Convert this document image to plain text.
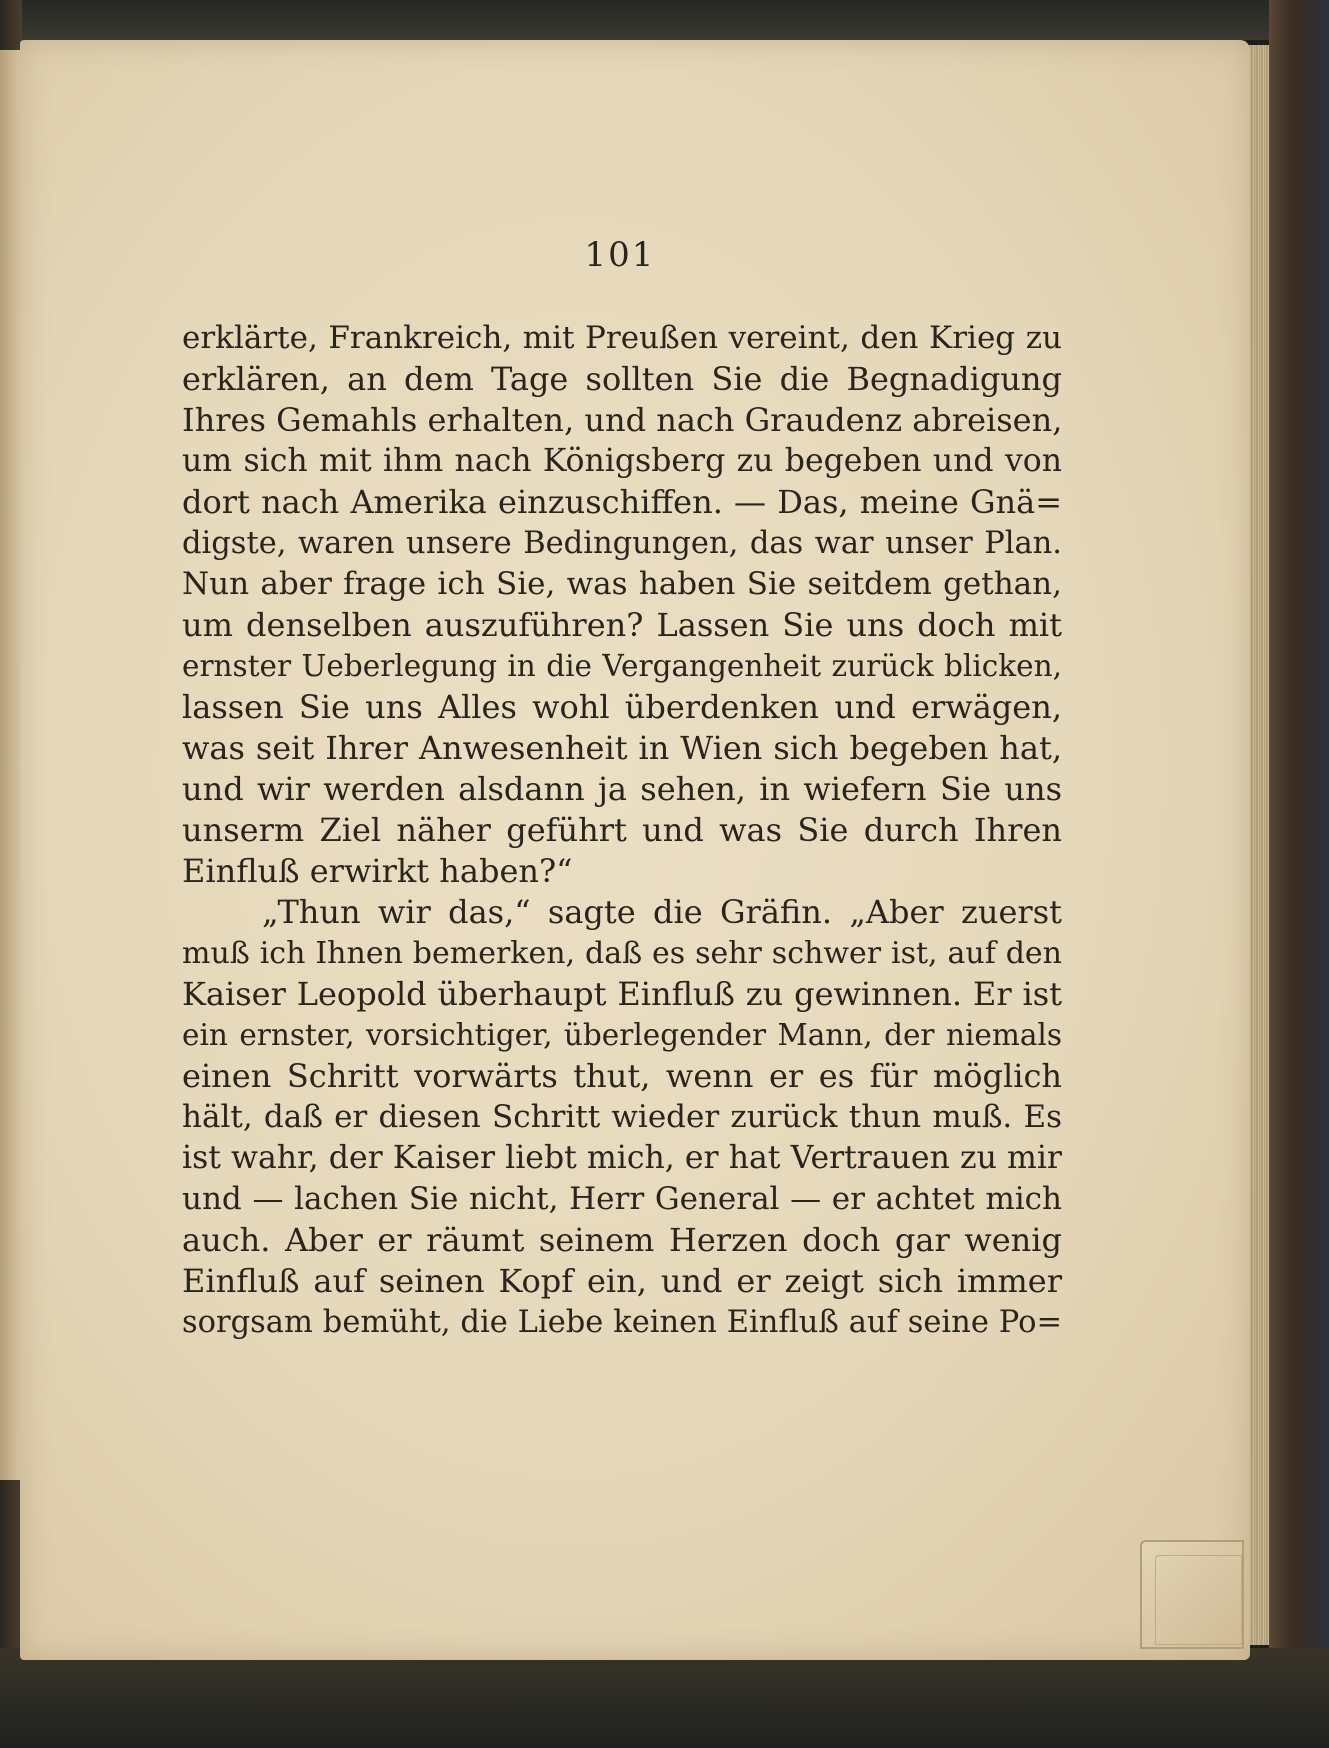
101

erklärte, Frankreich, mit Preußen vereint, den Krieg zu
erklären, an dem Tage sollten Sie die Begnadigung
Ihres Gemahls erhalten, und nach Graudenz abreisen,
um sich mit ihm nach Königsberg zu begeben und von
dort nach Amerika einzuschiffen. — Das, meine Gnä=
digste, waren unsere Bedingungen, das war unser Plan.
Nun aber frage ich Sie, was haben Sie seitdem gethan,
um denselben auszuführen? Lassen Sie uns doch mit
ernster Ueberlegung in die Vergangenheit zurück blicken,
lassen Sie uns Alles wohl überdenken und erwägen,
was seit Ihrer Anwesenheit in Wien sich begeben hat,
und wir werden alsdann ja sehen, in wiefern Sie uns
unserm Ziel näher geführt und was Sie durch Ihren
Einfluß erwirkt haben?“
„Thun wir das,“ sagte die Gräfin. „Aber zuerst
muß ich Ihnen bemerken, daß es sehr schwer ist, auf den
Kaiser Leopold überhaupt Einfluß zu gewinnen. Er ist
ein ernster, vorsichtiger, überlegender Mann, der niemals
einen Schritt vorwärts thut, wenn er es für möglich
hält, daß er diesen Schritt wieder zurück thun muß. Es
ist wahr, der Kaiser liebt mich, er hat Vertrauen zu mir
und — lachen Sie nicht, Herr General — er achtet mich
auch. Aber er räumt seinem Herzen doch gar wenig
Einfluß auf seinen Kopf ein, und er zeigt sich immer
sorgsam bemüht, die Liebe keinen Einfluß auf seine Po=
